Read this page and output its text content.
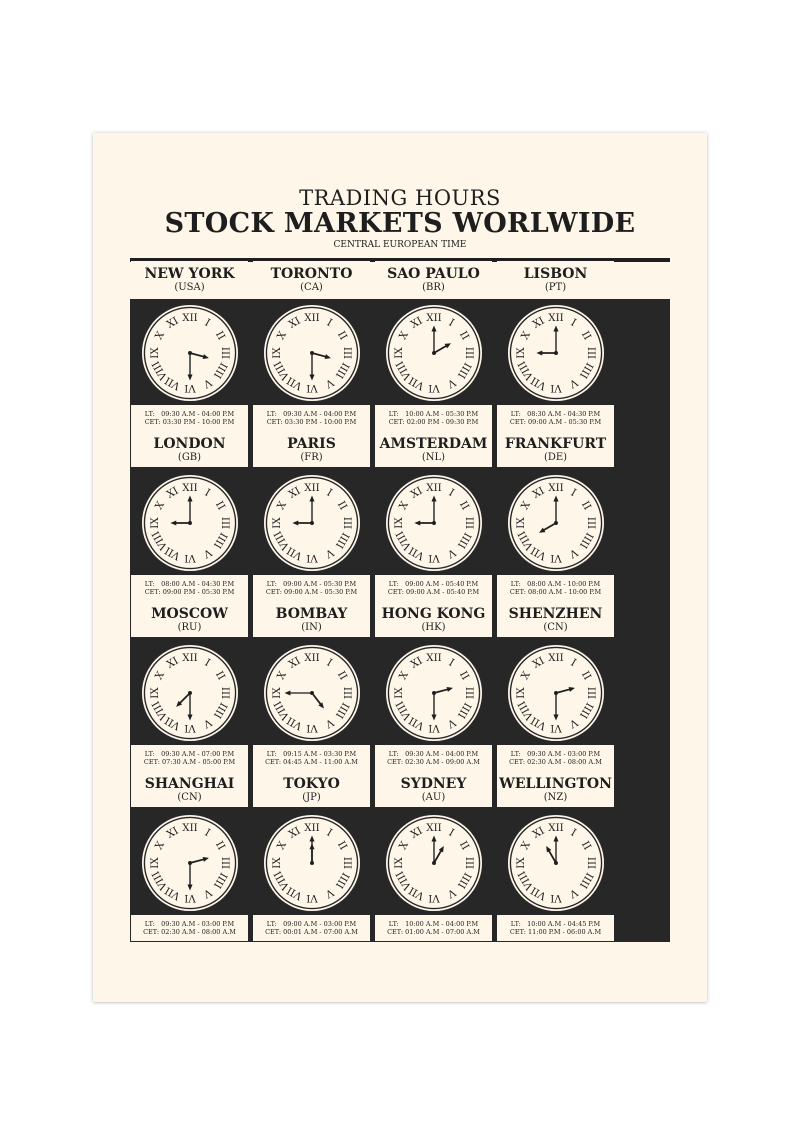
TRADING HOURS
STOCK MARKETS WORLWIDE
CENTRAL EUROPEAN TIME
NEW YORK
(USA)
XII I
II
III
IIII
V
VI
VII
VIII
IX
X
XI
LT: 09:30 A.M - 04:00 P.M
CET: 03:30 P.M - 10:00 P.M
TORONTO
(CA)
XII I
II
III
IIII
V
VI
VII
VIII
IX
X
XI
LT: 09:30 A.M - 04:00 P.M
CET: 03:30 P.M - 10:00 P.M
SAO PAULO
(BR)
XII I
II
III
IIII
V
VI
VII
VIII
IX
X
XI
LT: 10:00 A.M - 05:30 P.M
CET: 02:00 P.M - 09:30 P.M
LISBON
(PT)
XII I
II
III
IIII
V
VI
VII
VIII
IX
X
XI
LT: 08:30 A.M - 04:30 P.M
CET: 09:00 A.M - 05:30 P.M
LONDON
(GB)
XII I
II
III
IIII
V
VI
VII
VIII
IX
X
XI
LT: 08:00 A.M - 04:30 P.M
CET: 09:00 P.M - 05:30 P.M
PARIS
(FR)
XII I
II
III
IIII
V
VI
VII
VIII
IX
X
XI
LT: 09:00 A.M - 05:30 P.M
CET: 09:00 A.M - 05:30 P.M
AMSTERDAM
(NL)
XII I
II
III
IIII
V
VI
VII
VIII
IX
X
XI
LT: 09:00 A.M - 05:40 P.M
CET: 09:00 A.M - 05:40 P.M
FRANKFURT
(DE)
XII I
II
III
IIII
V
VI
VII
VIII
IX
X
XI
LT: 08:00 A.M - 10:00 P.M
CET: 08:00 A.M - 10:00 P.M
MOSCOW
(RU)
XII I
II
III
IIII
V
VI
VII
VIII
IX
X
XI
LT: 09:30 A.M - 07:00 P.M
CET: 07:30 A.M - 05:00 P.M
BOMBAY
(IN)
XII I
II
III
IIII
V
VI
VII
VIII
IX
X
XI
LT: 09:15 A.M - 03:30 P.M
CET: 04:45 A.M - 11:00 A.M
HONG KONG
(HK)
XII I
II
III
IIII
V
VI
VII
VIII
IX
X
XI
LT: 09:30 A.M - 04:00 P.M
CET: 02:30 A.M - 09:00 A.M
SHENZHEN
(CN)
XII I
II
III
IIII
V
VI
VII
VIII
IX
X
XI
LT: 09:30 A.M - 03:00 P.M
CET: 02:30 A.M - 08:00 A.M
SHANGHAI
(CN)
XII I
II
III
IIII
V
VI
VII
VIII
IX
X
XI
LT: 09:30 A.M - 03:00 P.M
CET: 02:30 A.M - 08:00 A.M
TOKYO
(JP)
XII I
II
III
IIII
V
VI
VII
VIII
IX
X
XI
LT: 09:00 A.M - 03:00 P.M
CET: 00:01 A.M - 07:00 A.M
SYDNEY
(AU)
XII I
II
III
IIII
V
VI
VII
VIII
IX
X
XI
LT: 10:00 A.M - 04:00 P.M
CET: 01:00 A.M - 07:00 A.M
WELLINGTON
(NZ)
XII I
II
III
IIII
V
VI
VII
VIII
IX
X
XI
LT: 10:00 A.M - 04:45 P.M
CET: 11:00 P.M - 06:00 A.M
